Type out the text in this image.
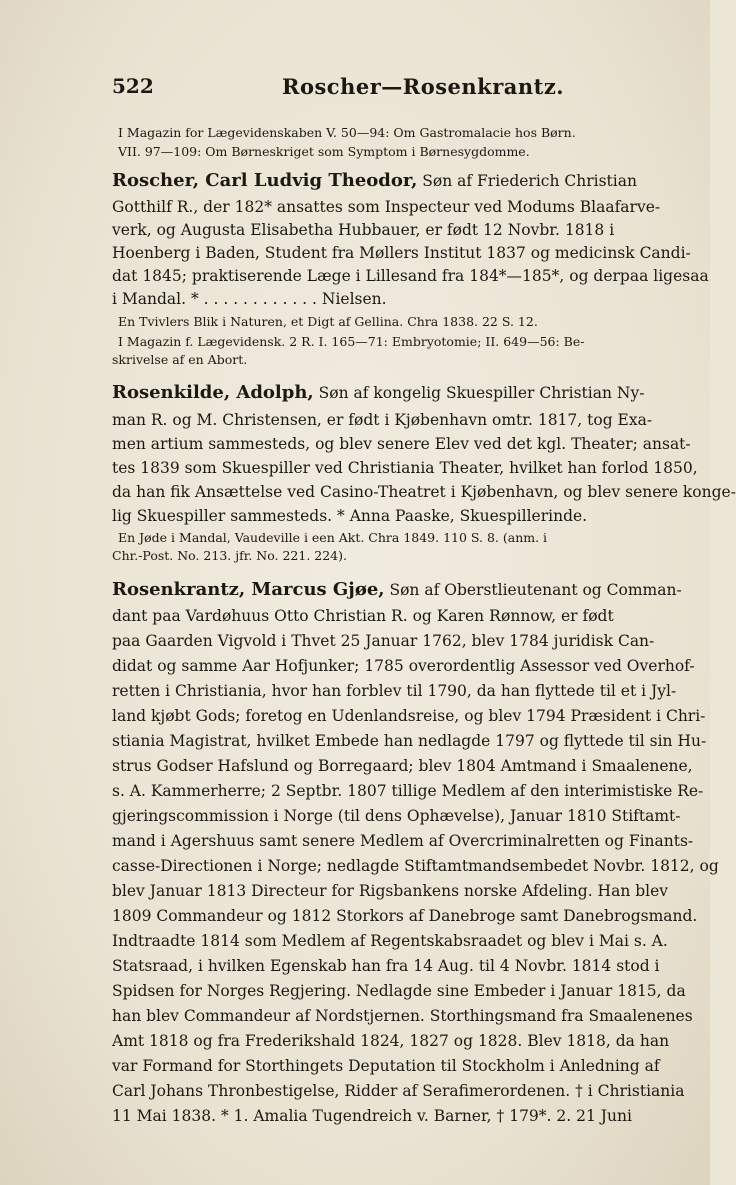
522	Roscher—Rosenkrantz.
I Magazin for Lægevidenskaben V. 50—94: Om Gastromalacie hos Børn.
VII. 97—109: Om Børneskriget som Symptom i Børnesygdomme.
Roscher, Carl Ludvig Theodor, Søn af Friederich Christian
Gotthilf R., der 182* ansattes som Inspecteur ved Modums Blaafarve-
verk, og Augusta Elisabetha Hubbauer, er født 12 Novbr. 1818 i
Hoenberg i Baden, Student fra Møllers Institut 1837 og medicinsk Candi-
dat 1845; praktiserende Læge i Lillesand fra 184*—185*, og derpaa ligesaa
i Mandal. * . . . . . . . . . . . . Nielsen.
En Tvivlers Blik i Naturen, et Digt af Gellina. Chra 1838. 22 S. 12.
I Magazin f. Lægevidensk. 2 R. I. 165—71: Embryotomie; II. 649—56: Be-
skrivelse af en Abort.
Rosenkilde, Adolph, Søn af kongelig Skuespiller Christian Ny-
man R. og M. Christensen, er født i Kjøbenhavn omtr. 1817, tog Exa-
men artium sammesteds, og blev senere Elev ved det kgl. Theater; ansat-
tes 1839 som Skuespiller ved Christiania Theater, hvilket han forlod 1850,
da han fik Ansættelse ved Casino-Theatret i Kjøbenhavn, og blev senere konge-
lig Skuespiller sammesteds. * Anna Paaske, Skuespillerinde.
En Jøde i Mandal, Vaudeville i een Akt. Chra 1849. 110 S. 8. (anm. i
Chr.-Post. No. 213. jfr. No. 221. 224).
Rosenkrantz, Marcus Gjøe, Søn af Oberstlieutenant og Comman-
dant paa Vardøhuus Otto Christian R. og Karen Rønnow, er født
paa Gaarden Vigvold i Thvet 25 Januar 1762, blev 1784 juridisk Can-
didat og samme Aar Hofjunker; 1785 overordentlig Assessor ved Overhof-
retten i Christiania, hvor han forblev til 1790, da han flyttede til et i Jyl-
land kjøbt Gods; foretog en Udenlandsreise, og blev 1794 Præsident i Chri-
stiania Magistrat, hvilket Embede han nedlagde 1797 og flyttede til sin Hu-
strus Godser Hafslund og Borregaard; blev 1804 Amtmand i Smaalenene,
s. A. Kammerherre; 2 Septbr. 1807 tillige Medlem af den interimistiske Re-
gjeringscommission i Norge (til dens Ophævelse), Januar 1810 Stiftamt-
mand i Agershuus samt senere Medlem af Overcriminalretten og Finants-
casse-Directionen i Norge; nedlagde Stiftamtmandsembedet Novbr. 1812, og
blev Januar 1813 Directeur for Rigsbankens norske Afdeling. Han blev
1809 Commandeur og 1812 Storkors af Danebroge samt Danebrogsmand.
Indtraadte 1814 som Medlem af Regentskabsraadet og blev i Mai s. A.
Statsraad, i hvilken Egenskab han fra 14 Aug. til 4 Novbr. 1814 stod i
Spidsen for Norges Regjering. Nedlagde sine Embeder i Januar 1815, da
han blev Commandeur af Nordstjernen. Storthingsmand fra Smaalenenes
Amt 1818 og fra Frederikshald 1824, 1827 og 1828. Blev 1818, da han
var Formand for Storthingets Deputation til Stockholm i Anledning af
Carl Johans Thronbestigelse, Ridder af Serafimerordenen. † i Christiania
11 Mai 1838. * 1. Amalia Tugendreich v. Barner, † 179*. 2. 21 Juni
